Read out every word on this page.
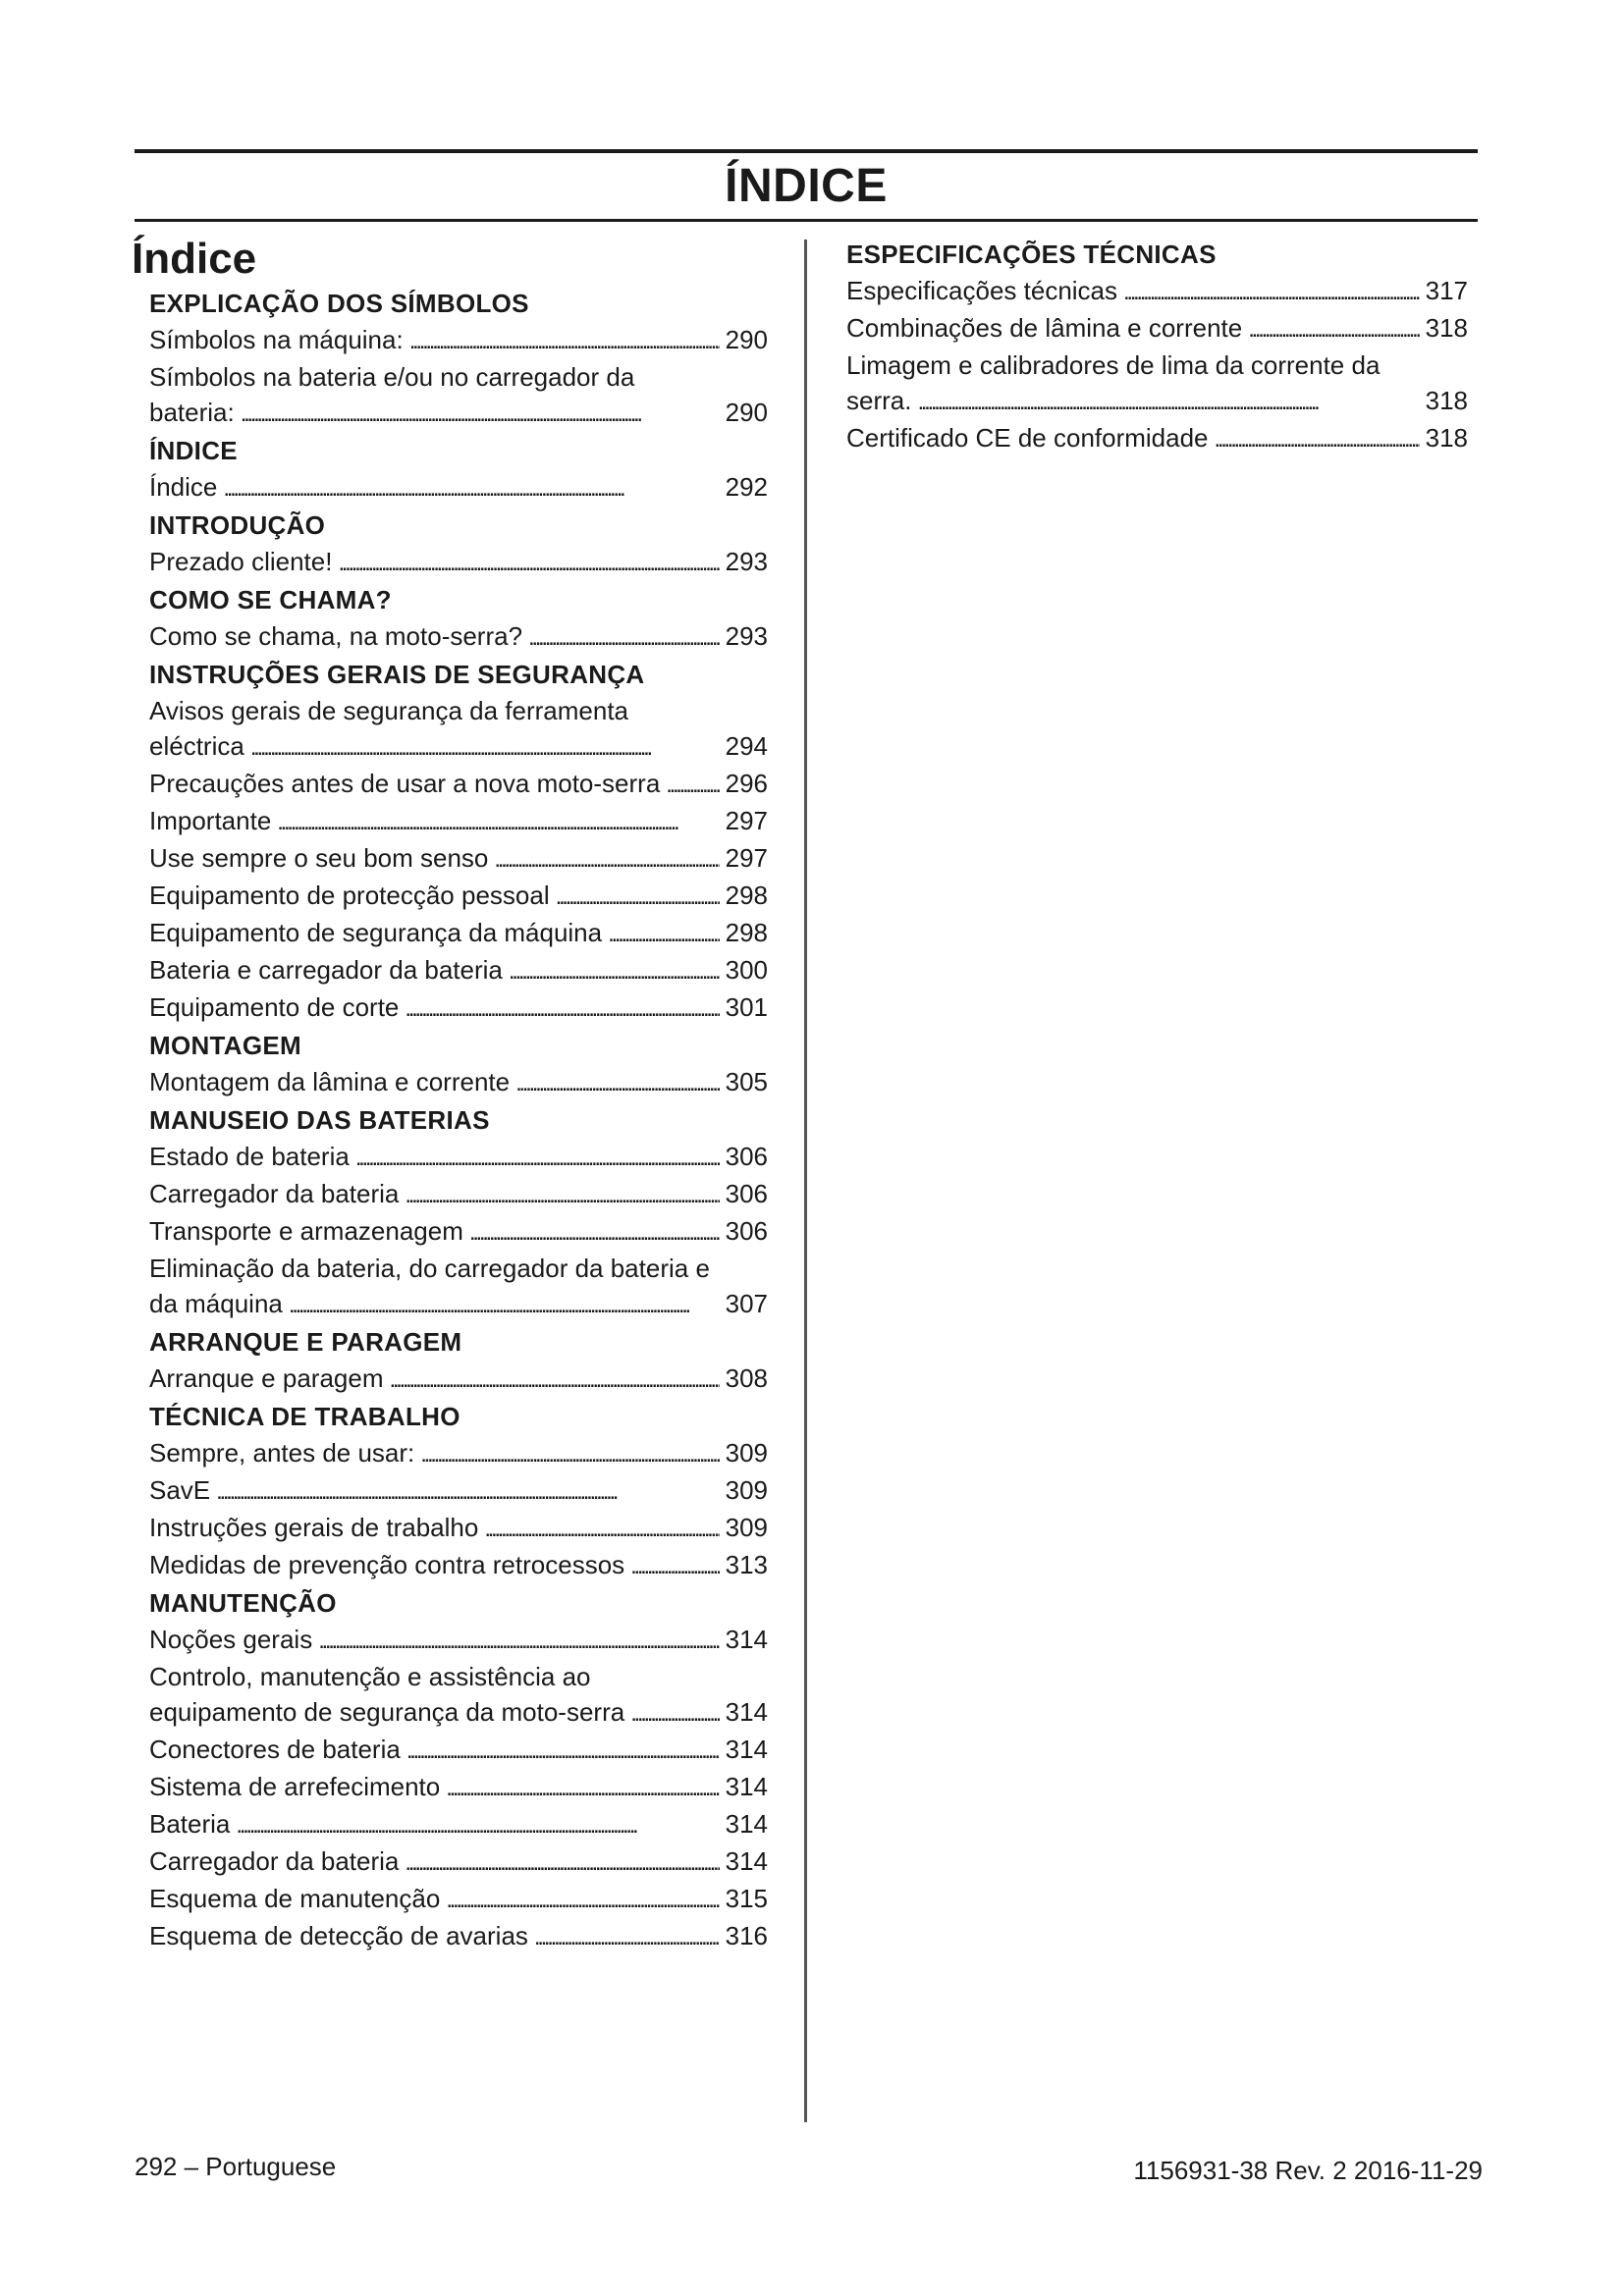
ÍNDICE
Índice
EXPLICAÇÃO DOS SÍMBOLOS
Símbolos na máquina: . . .	290
Símbolos na bateria e/ou no carregador da
bateria: . . .	290
ÍNDICE
Índice . . .	292
INTRODUÇÃO
Prezado cliente! . . .	293
COMO SE CHAMA?
Como se chama, na moto-serra? . . .	293
INSTRUÇÕES GERAIS DE SEGURANÇA
Avisos gerais de segurança da ferramenta
eléctrica . . .	294
Precauções antes de usar a nova moto-serra . . .	296
Importante . . .	297
Use sempre o seu bom senso . . .	297
Equipamento de protecção pessoal . . .	298
Equipamento de segurança da máquina . . .	298
Bateria e carregador da bateria . . .	300
Equipamento de corte . . .	301
MONTAGEM
Montagem da lâmina e corrente . . .	305
MANUSEIO DAS BATERIAS
Estado de bateria . . .	306
Carregador da bateria . . .	306
Transporte e armazenagem . . .	306
Eliminação da bateria, do carregador da bateria e
da máquina . . .	307
ARRANQUE E PARAGEM
Arranque e paragem . . .	308
TÉCNICA DE TRABALHO
Sempre, antes de usar: . . .	309
SavE . . .	309
Instruções gerais de trabalho . . .	309
Medidas de prevenção contra retrocessos . . .	313
MANUTENÇÃO
Noções gerais . . .	314
Controlo, manutenção e assistência ao
equipamento de segurança da moto-serra . . .	314
Conectores de bateria . . .	314
Sistema de arrefecimento . . .	314
Bateria . . .	314
Carregador da bateria . . .	314
Esquema de manutenção . . .	315
Esquema de detecção de avarias . . .	316
ESPECIFICAÇÕES TÉCNICAS
Especificações técnicas . . .	317
Combinações de lâmina e corrente . . .	318
Limagem e calibradores de lima da corrente da
serra. . . .	318
Certificado CE de conformidade . . .	318
292 – Portuguese	1156931-38 Rev. 2 2016-11-29
